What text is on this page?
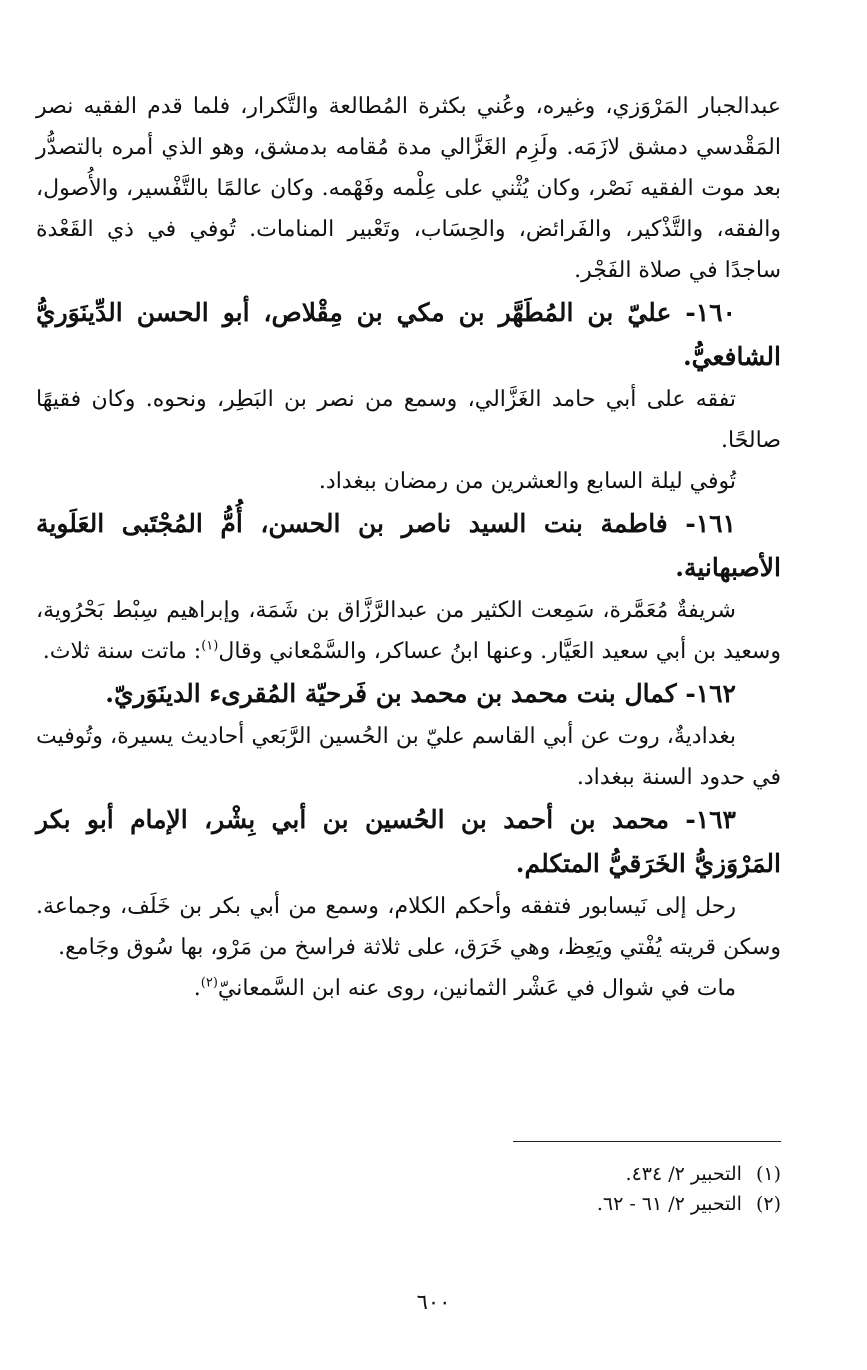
عبدالجبار المَرْوَزي، وغيره، وعُني بكثرة المُطالعة والتَّكرار، فلما قدم الفقيه نصر المَقْدسي دمشق لازَمَه. ولَزِم الغَزَّالي مدة مُقامه بدمشق، وهو الذي أمره بالتصدُّر بعد موت الفقيه نَصْر، وكان يُثْني على عِلْمه وفَهْمه. وكان عالمًا بالتَّفْسير، والأُصول، والفقه، والتَّذْكير، والفَرائض، والحِسَاب، وتَعْبير المنامات. تُوفي في ذي القَعْدة ساجدًا في صلاة الفَجْر.

١٦٠- عليّ بن المُطَهَّر بن مكي بن مِقْلاص، أبو الحسن الدِّينَوَريُّ الشافعيُّ.

تفقه على أبي حامد الغَزَّالي، وسمع من نصر بن البَطِر، ونحوه. وكان فقيهًا صالحًا.

تُوفي ليلة السابع والعشرين من رمضان ببغداد.

١٦١- فاطمة بنت السيد ناصر بن الحسن، أُمُّ المُجْتَبى العَلَوية الأصبهانية.

شريفةٌ مُعَمَّرة، سَمِعت الكثير من عبدالرَّزَّاق بن شَمَة، وإبراهيم سِبْط بَحْرُوية، وسعيد بن أبي سعيد العَيَّار. وعنها ابنُ عساكر، والسَّمْعاني وقال$^{(١)}$: ماتت سنة ثلاث.

١٦٢- كمال بنت محمد بن محمد بن فَرحيّة المُقرىء الدينَوَريّ.

بغداديةٌ، روت عن أبي القاسم عليّ بن الحُسين الرَّبَعي أحاديث يسيرة، وتُوفيت في حدود السنة ببغداد.

١٦٣- محمد بن أحمد بن الحُسين بن أبي بِشْر، الإمام أبو بكر المَرْوَزيُّ الخَرَقيُّ المتكلم.

رحل إلى نَيسابور فتفقه وأحكم الكلام، وسمع من أبي بكر بن خَلَف، وجماعة. وسكن قريته يُفْتي ويَعِظ، وهي خَرَق، على ثلاثة فراسخ من مَرْو، بها سُوق وجَامع.

مات في شوال في عَشْر الثمانين، روى عنه ابن السَّمعانيّ$^{(٢)}$.

(١)
التحبير ٢/ ٤٣٤.
(٢)
التحبير ٢/ ٦١ - ٦٢.
٦٠٠
